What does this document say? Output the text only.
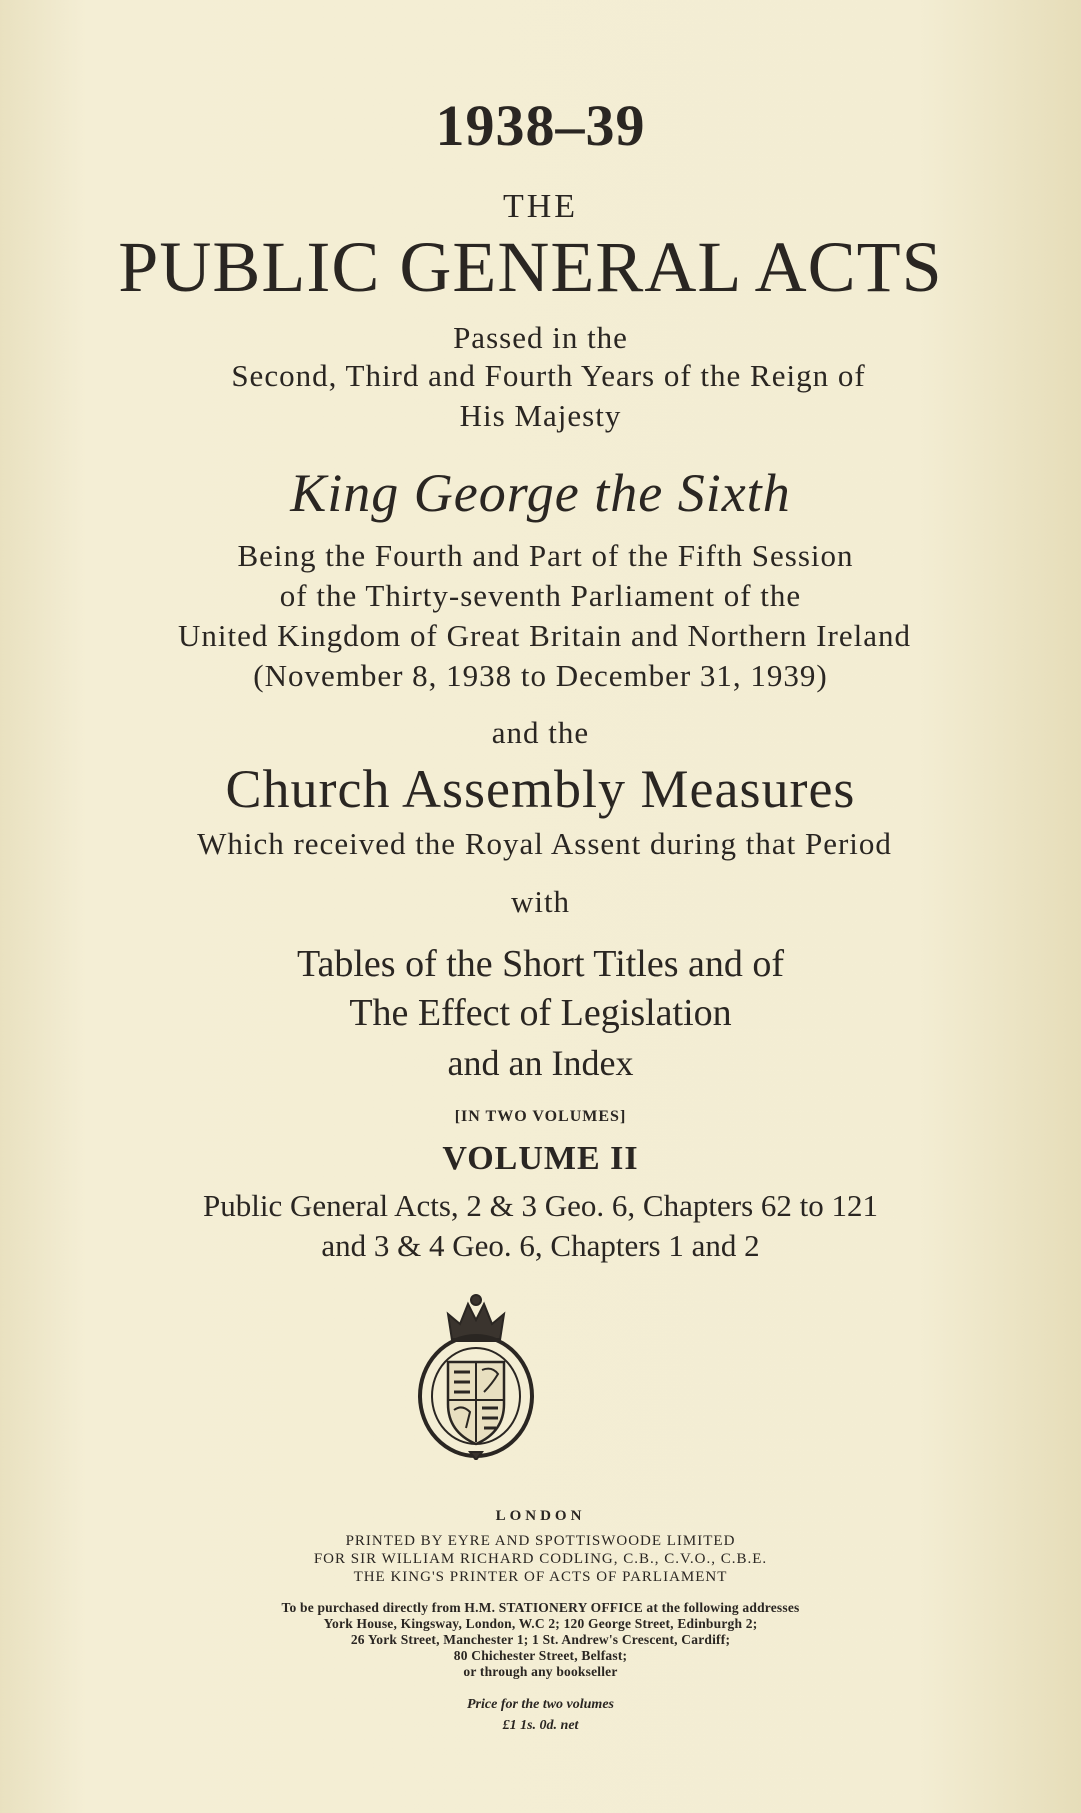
1938–39
THE
PUBLIC GENERAL ACTS
Passed in the
Second, Third and Fourth Years of the Reign of
His Majesty
King George the Sixth
Being the Fourth and Part of the Fifth Session
of the Thirty-seventh Parliament of the
United Kingdom of Great Britain and Northern Ireland
(November 8, 1938 to December 31, 1939)
and the
Church Assembly Measures
Which received the Royal Assent during that Period
with
Tables of the Short Titles and of
The Effect of Legislation
and an Index
[IN TWO VOLUMES]
VOLUME II
Public General Acts, 2 & 3 Geo. 6, Chapters 62 to 121
and 3 & 4 Geo. 6, Chapters 1 and 2
LONDON
PRINTED BY EYRE AND SPOTTISWOODE LIMITED
FOR SIR WILLIAM RICHARD CODLING, C.B., C.V.O., C.B.E.
THE KING'S PRINTER OF ACTS OF PARLIAMENT
To be purchased directly from H.M. STATIONERY OFFICE at the following addresses
York House, Kingsway, London, W.C 2; 120 George Street, Edinburgh 2;
26 York Street, Manchester 1; 1 St. Andrew's Crescent, Cardiff;
80 Chichester Street, Belfast;
or through any bookseller
Price for the two volumes
£1 1s. 0d. net
